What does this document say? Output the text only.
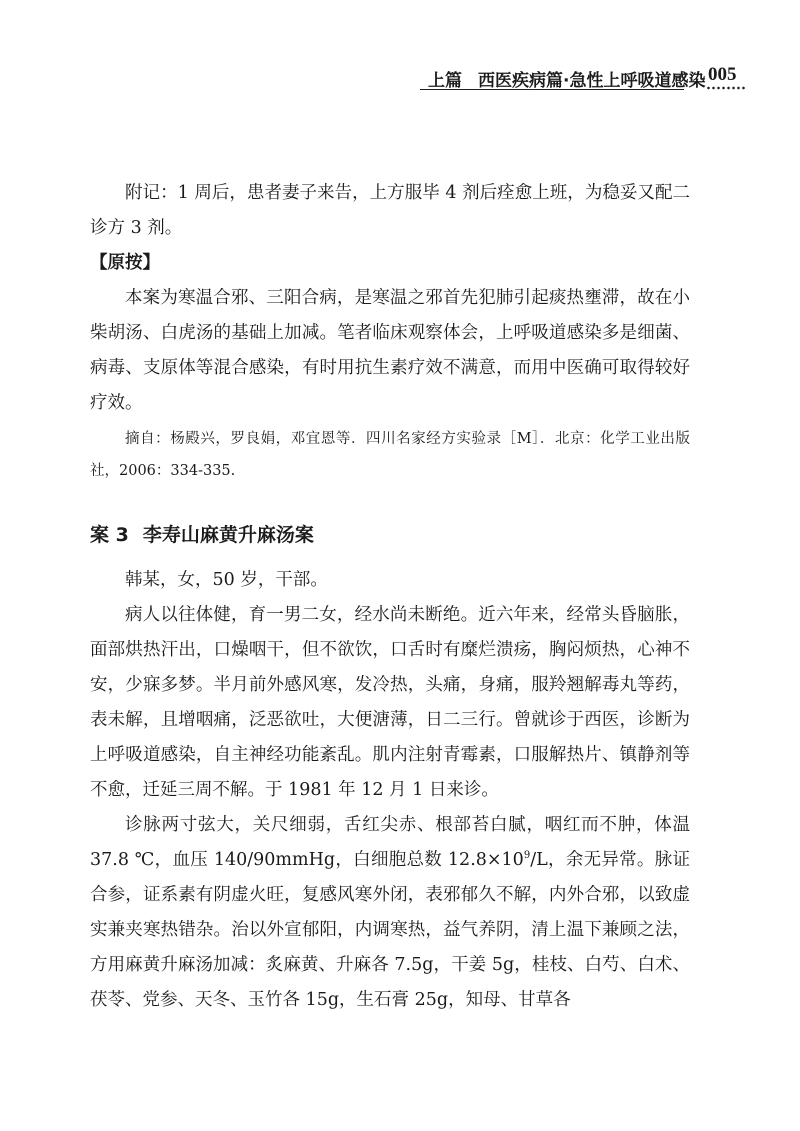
上篇 西医疾病篇·急性上呼吸道感染 005

附记：1 周后，患者妻子来告，上方服毕 4 剂后痊愈上班，为稳妥又配二诊方 3 剂。

【原按】

本案为寒温合邪、三阳合病，是寒温之邪首先犯肺引起痰热壅滞，故在小柴胡汤、白虎汤的基础上加减。笔者临床观察体会，上呼吸道感染多是细菌、病毒、支原体等混合感染，有时用抗生素疗效不满意，而用中医确可取得较好疗效。

摘自：杨殿兴，罗良娟，邓宜恩等．四川名家经方实验录［M］．北京：化学工业出版社，2006：334-335.

案 3 李寿山麻黄升麻汤案

韩某，女，50 岁，干部。

病人以往体健，育一男二女，经水尚未断绝。近六年来，经常头昏脑胀，面部烘热汗出，口燥咽干，但不欲饮，口舌时有糜烂溃疡，胸闷烦热，心神不安，少寐多梦。半月前外感风寒，发冷热，头痛，身痛，服羚翘解毒丸等药，表未解，且增咽痛，泛恶欲吐，大便溏薄，日二三行。曾就诊于西医，诊断为上呼吸道感染，自主神经功能紊乱。肌内注射青霉素，口服解热片、镇静剂等不愈，迁延三周不解。于 1981 年 12 月 1 日来诊。

诊脉两寸弦大，关尺细弱，舌红尖赤、根部苔白腻，咽红而不肿，体温 37.8 ℃，血压 140/90mmHg，白细胞总数 $12.8\times 10^9/L$，余无异常。脉证合参，证系素有阴虚火旺，复感风寒外闭，表邪郁久不解，内外合邪，以致虚实兼夹寒热错杂。治以外宣郁阳，内调寒热，益气养阴，清上温下兼顾之法，方用麻黄升麻汤加减：炙麻黄、升麻各 7.5g，干姜 5g，桂枝、白芍、白术、茯苓、党参、天冬、玉竹各 15g，生石膏 25g，知母、甘草各
